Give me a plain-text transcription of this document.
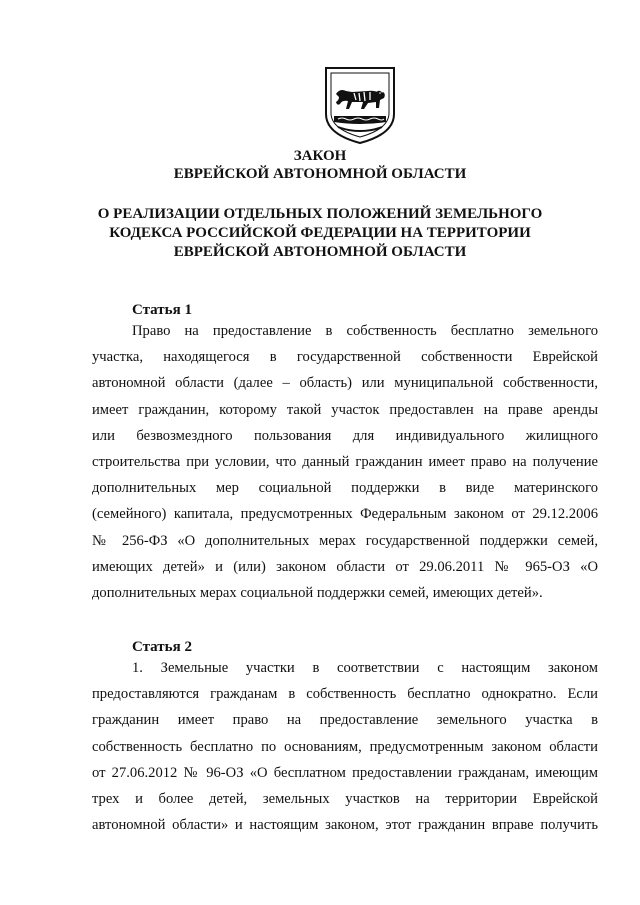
ЗАКОН
ЕВРЕЙСКОЙ АВТОНОМНОЙ ОБЛАСТИ
О РЕАЛИЗАЦИИ ОТДЕЛЬНЫХ ПОЛОЖЕНИЙ ЗЕМЕЛЬНОГО
КОДЕКСА РОССИЙСКОЙ ФЕДЕРАЦИИ НА ТЕРРИТОРИИ
ЕВРЕЙСКОЙ АВТОНОМНОЙ ОБЛАСТИ
Статья 1
Право на предоставление в собственность бесплатно земельного
участка, находящегося в государственной собственности Еврейской
автономной области (далее – область) или муниципальной собственности,
имеет гражданин, которому такой участок предоставлен на праве аренды
или безвозмездного пользования для индивидуального жилищного
строительства при условии, что данный гражданин имеет право на получение
дополнительных мер социальной поддержки в виде материнского
(семейного) капитала, предусмотренных Федеральным законом от 29.12.2006
№ 256-ФЗ «О дополнительных мерах государственной поддержки семей,
имеющих детей» и (или) законом области от 29.06.2011 № 965-ОЗ «О
дополнительных мерах социальной поддержки семей, имеющих детей».
Статья 2
1. Земельные участки в соответствии с настоящим законом
предоставляются гражданам в собственность бесплатно однократно. Если
гражданин имеет право на предоставление земельного участка в
собственность бесплатно по основаниям, предусмотренным законом области
от 27.06.2012 № 96-ОЗ «О бесплатном предоставлении гражданам, имеющим
трех и более детей, земельных участков на территории Еврейской
автономной области» и настоящим законом, этот гражданин вправе получить
